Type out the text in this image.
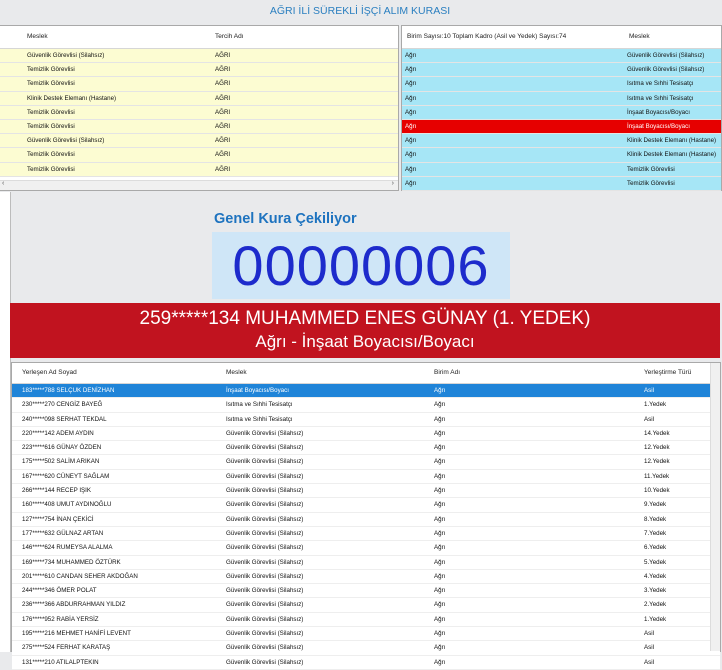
AĞRI İLİ SÜREKLİ İŞÇİ ALIM KURASI
Meslek	Tercih Adı
Güvenlik Görevlisi (Silahsız)	AĞRI
Temizlik Görevlisi	AĞRI
Temizlik Görevlisi	AĞRI
Klinik Destek Elemanı (Hastane)	AĞRI
Temizlik Görevlisi	AĞRI
Temizlik Görevlisi	AĞRI
Güvenlik Görevlisi (Silahsız)	AĞRI
Temizlik Görevlisi	AĞRI
Temizlik Görevlisi	AĞRI
‹	›
Birim Sayısı:10 Toplam Kadro (Asil ve Yedek) Sayısı:74	Meslek
Ağrı	Güvenlik Görevlisi (Silahsız)
Ağrı	Güvenlik Görevlisi (Silahsız)
Ağrı	Isıtma ve Sıhhi Tesisatçı
Ağrı	Isıtma ve Sıhhi Tesisatçı
Ağrı	İnşaat Boyacısı/Boyacı
Ağrı	İnşaat Boyacısı/Boyacı
Ağrı	Klinik Destek Elemanı (Hastane)
Ağrı	Klinik Destek Elemanı (Hastane)
Ağrı	Temizlik Görevlisi
Ağrı	Temizlik Görevlisi
Genel Kura Çekiliyor
00000006
259*****134 MUHAMMED ENES GÜNAY (1. YEDEK)
Ağrı - İnşaat Boyacısı/Boyacı
Yerleşen Ad Soyad	Meslek	Birim Adı	Yerleştirme Türü
183*****788 SELÇUK DENİZHAN	İnşaat Boyacısı/Boyacı	Ağrı	Asil
230*****270 CENGİZ BAYEĞ	Isıtma ve Sıhhi Tesisatçı	Ağrı	1.Yedek
240*****098 SERHAT TEKDAL	Isıtma ve Sıhhi Tesisatçı	Ağrı	Asil
220*****142 ADEM AYDIN	Güvenlik Görevlisi (Silahsız)	Ağrı	14.Yedek
223*****616 GÜNAY ÖZDEN	Güvenlik Görevlisi (Silahsız)	Ağrı	12.Yedek
175*****502 SALİM ARIKAN	Güvenlik Görevlisi (Silahsız)	Ağrı	12.Yedek
167*****620 CÜNEYT SAĞLAM	Güvenlik Görevlisi (Silahsız)	Ağrı	11.Yedek
266*****144 RECEP IŞIK	Güvenlik Görevlisi (Silahsız)	Ağrı	10.Yedek
160*****408 UMUT AYDINOĞLU	Güvenlik Görevlisi (Silahsız)	Ağrı	9.Yedek
127*****754 İNAN ÇEKİCİ	Güvenlik Görevlisi (Silahsız)	Ağrı	8.Yedek
177*****632 GÜLNAZ ARTAN	Güvenlik Görevlisi (Silahsız)	Ağrı	7.Yedek
146*****624 RUMEYSA ALALMA	Güvenlik Görevlisi (Silahsız)	Ağrı	6.Yedek
169*****734 MUHAMMED ÖZTÜRK	Güvenlik Görevlisi (Silahsız)	Ağrı	5.Yedek
201*****610 CANDAN SEHER AKDOĞAN	Güvenlik Görevlisi (Silahsız)	Ağrı	4.Yedek
244*****346 ÖMER POLAT	Güvenlik Görevlisi (Silahsız)	Ağrı	3.Yedek
236*****366 ABDURRAHMAN YILDIZ	Güvenlik Görevlisi (Silahsız)	Ağrı	2.Yedek
176*****952 RABİA YERSİZ	Güvenlik Görevlisi (Silahsız)	Ağrı	1.Yedek
195*****216 MEHMET HANİFİ LEVENT	Güvenlik Görevlisi (Silahsız)	Ağrı	Asil
275*****524 FERHAT KARATAŞ	Güvenlik Görevlisi (Silahsız)	Ağrı	Asil
131*****210 ATILALPTEKIN	Güvenlik Görevlisi (Silahsız)	Ağrı	Asil
